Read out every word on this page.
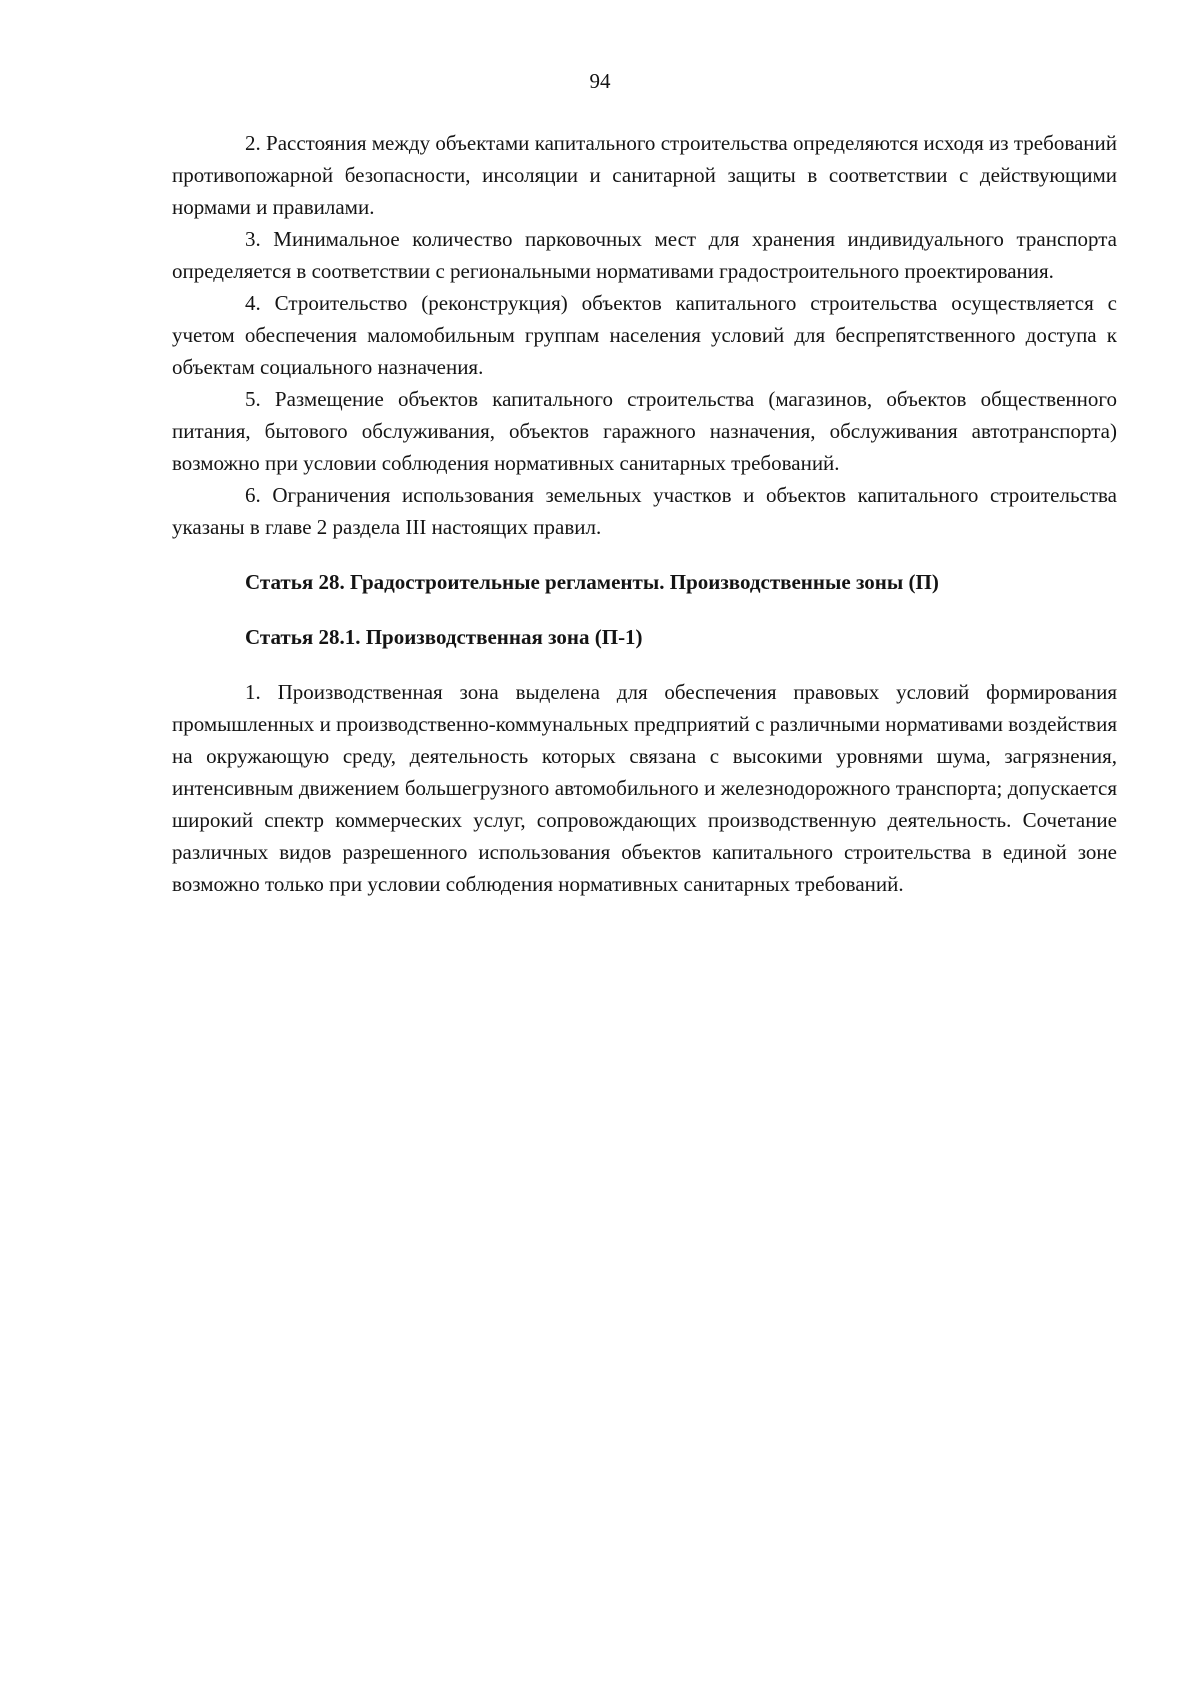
94

2. Расстояния между объектами капитального строительства определяются исходя из требований противопожарной безопасности, инсоляции и санитарной защиты в соответствии с действующими нормами и правилами.

3. Минимальное количество парковочных мест для хранения индивидуального транспорта определяется в соответствии с региональными нормативами градостроительного проектирования.

4. Строительство (реконструкция) объектов капитального строительства осуществляется с учетом обеспечения маломобильным группам населения условий для беспрепятственного доступа к объектам социального назначения.

5. Размещение объектов капитального строительства (магазинов, объектов общественного питания, бытового обслуживания, объектов гаражного назначения, обслуживания автотранспорта) возможно при условии соблюдения нормативных санитарных требований.

6. Ограничения использования земельных участков и объектов капитального строительства указаны в главе 2 раздела III настоящих правил.

Статья 28. Градостроительные регламенты. Производственные зоны (П)

Статья 28.1. Производственная зона (П-1)

1. Производственная зона выделена для обеспечения правовых условий формирования промышленных и производственно-коммунальных предприятий с различными нормативами воздействия на окружающую среду, деятельность которых связана с высокими уровнями шума, загрязнения, интенсивным движением большегрузного автомобильного и железнодорожного транспорта; допускается широкий спектр коммерческих услуг, сопровождающих производственную деятельность. Сочетание различных видов разрешенного использования объектов капитального строительства в единой зоне возможно только при условии соблюдения нормативных санитарных требований.
